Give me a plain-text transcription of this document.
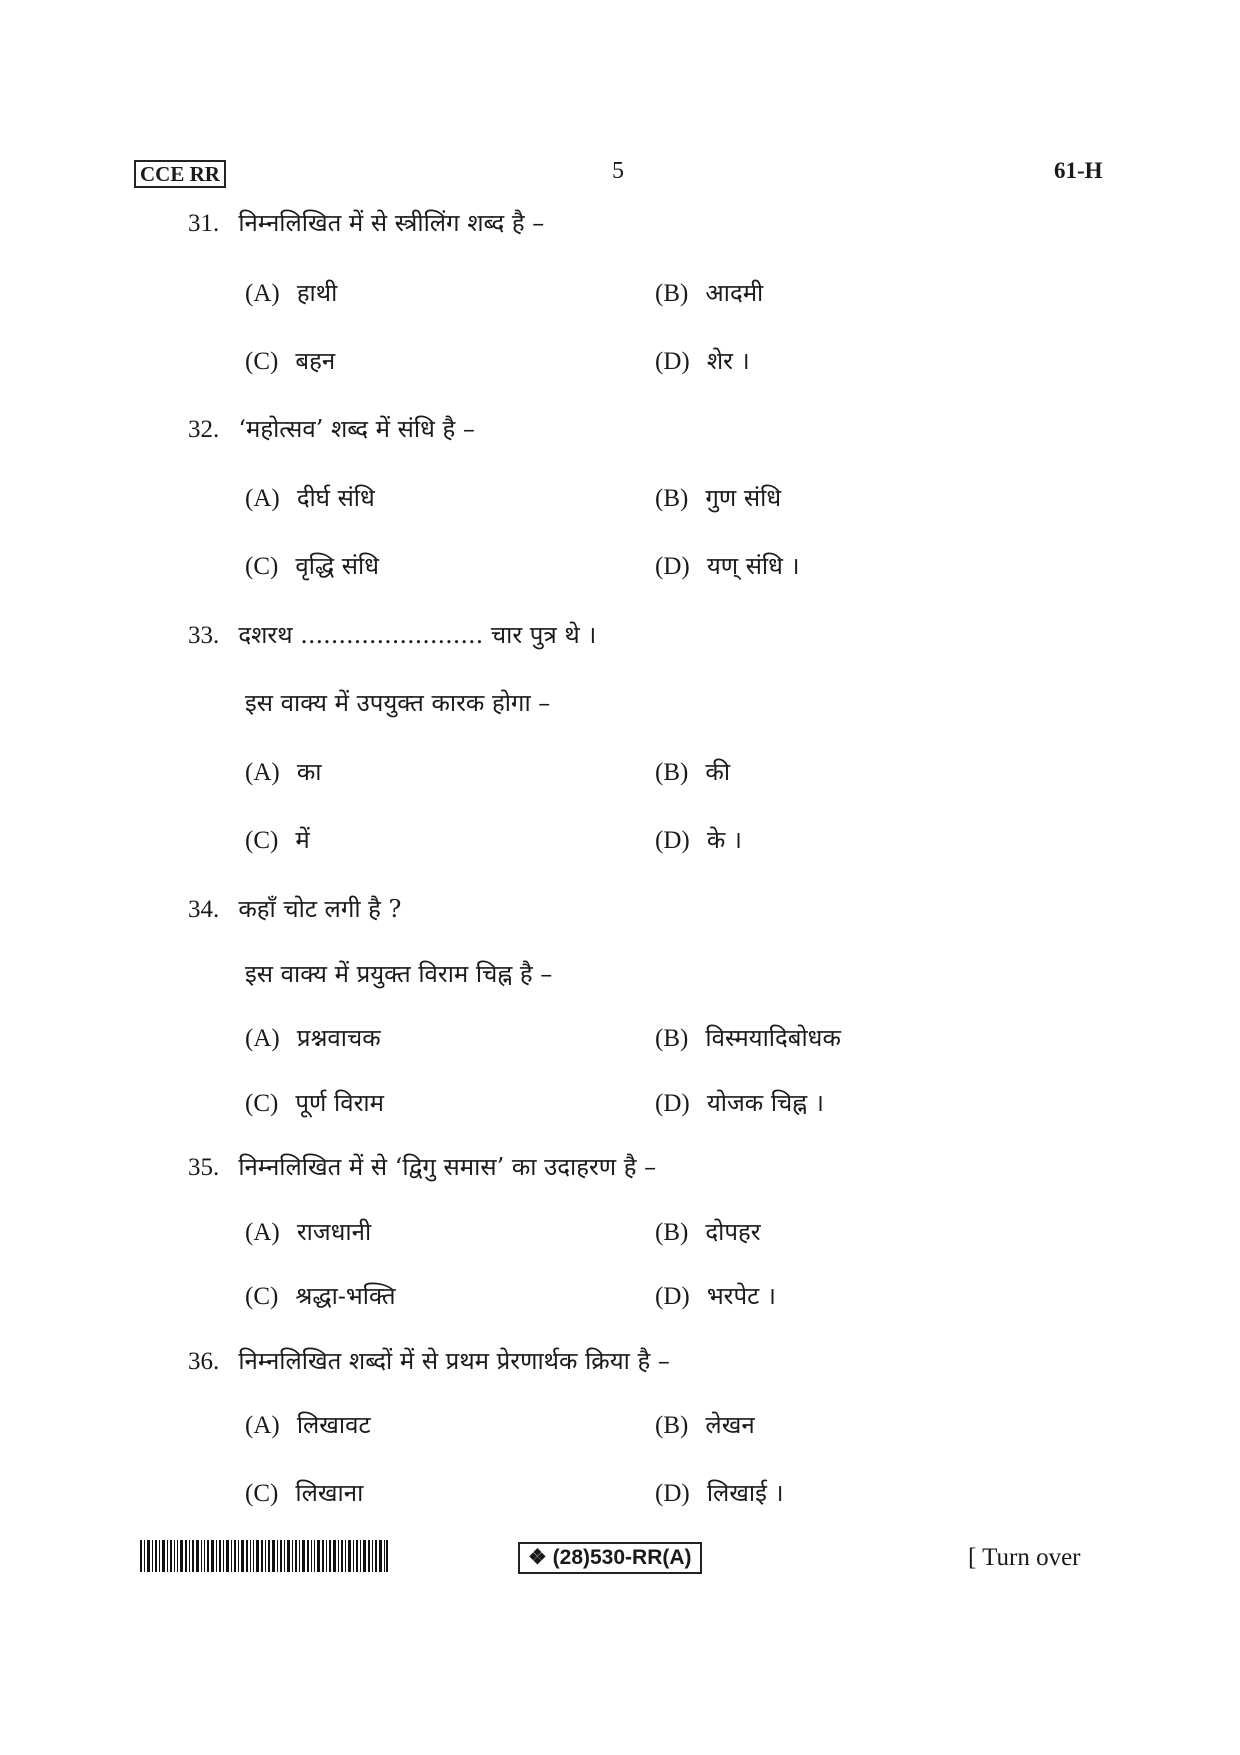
CCE RR	5	61-H
31. निम्नलिखित में से स्त्रीलिंग शब्द है –
(A) हाथी	(B) आदमी
(C) बहन	(D) शेर ।
32. ‘महोत्सव’ शब्द में संधि है –
(A) दीर्घ संधि	(B) गुण संधि
(C) वृद्धि संधि	(D) यण् संधि ।
33. दशरथ ........................ चार पुत्र थे ।
इस वाक्य में उपयुक्त कारक होगा –
(A) का	(B) की
(C) में	(D) के ।
34. कहाँ चोट लगी है ?
इस वाक्य में प्रयुक्त विराम चिह्न है –
(A) प्रश्नवाचक	(B) विस्मयादिबोधक
(C) पूर्ण विराम	(D) योजक चिह्न ।
35. निम्नलिखित में से ‘द्विगु समास’ का उदाहरण है –
(A) राजधानी	(B) दोपहर
(C) श्रद्धा-भक्ति	(D) भरपेट ।
36. निम्नलिखित शब्दों में से प्रथम प्रेरणार्थक क्रिया है –
(A) लिखावट	(B) लेखन
(C) लिखाना	(D) लिखाई ।
❖ (28)530-RR(A)	[ Turn over
